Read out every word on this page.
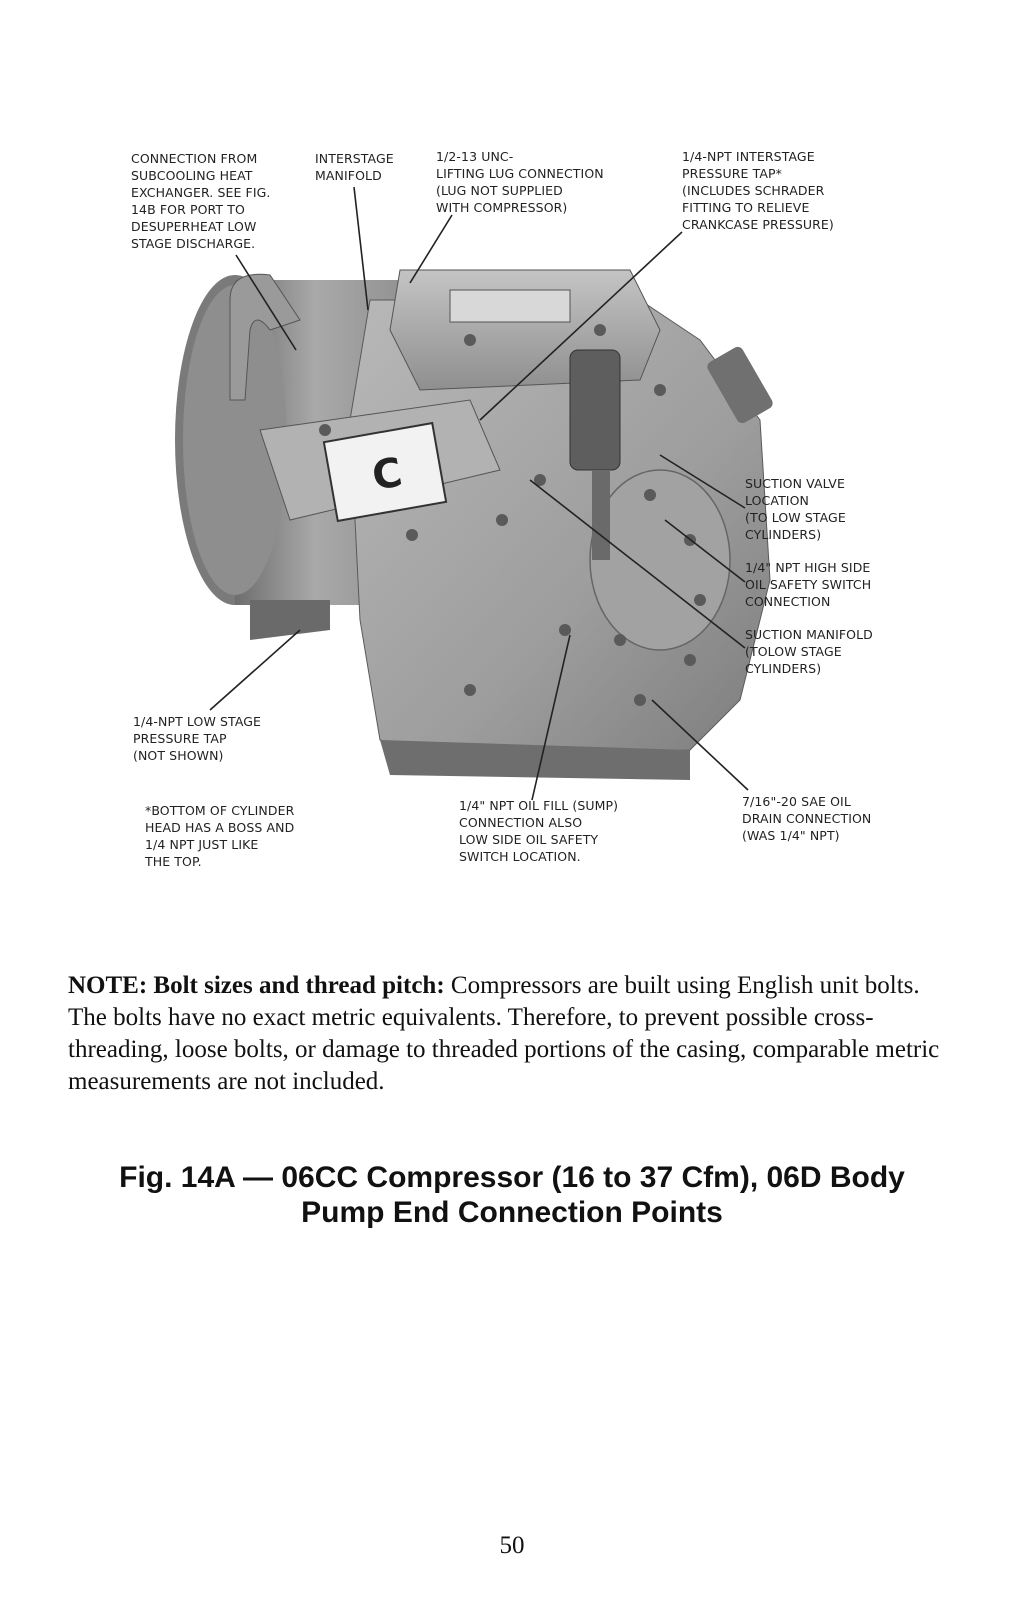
C
CONNECTION FROM
SUBCOOLING HEAT
EXCHANGER. SEE FIG.
14B FOR PORT TO
DESUPERHEAT LOW
STAGE DISCHARGE.
INTERSTAGE
MANIFOLD
1/2-13 UNC-
LIFTING LUG CONNECTION
(LUG NOT SUPPLIED
WITH COMPRESSOR)
1/4-NPT INTERSTAGE
PRESSURE TAP*
(INCLUDES SCHRADER
FITTING TO RELIEVE
CRANKCASE PRESSURE)
SUCTION VALVE
LOCATION
(TO LOW STAGE
CYLINDERS)
1/4" NPT HIGH SIDE
OIL SAFETY SWITCH
CONNECTION
SUCTION MANIFOLD
(TOLOW STAGE
CYLINDERS)
1/4-NPT LOW STAGE
PRESSURE TAP
(NOT SHOWN)
*BOTTOM OF CYLINDER
HEAD HAS A BOSS AND
1/4 NPT JUST LIKE
THE TOP.
1/4" NPT OIL FILL (SUMP)
CONNECTION ALSO
LOW SIDE OIL SAFETY
SWITCH LOCATION.
7/16"-20 SAE OIL
DRAIN CONNECTION
(WAS 1/4" NPT)

NOTE: Bolt sizes and thread pitch: Compressors are built using English unit bolts. The bolts have no exact metric equivalents. Therefore, to prevent possible cross-threading, loose bolts, or damage to threaded portions of the casing, comparable metric measurements are not included.

Fig. 14A — 06CC Compressor (16 to 37 Cfm), 06D Body
Pump End Connection Points
50
